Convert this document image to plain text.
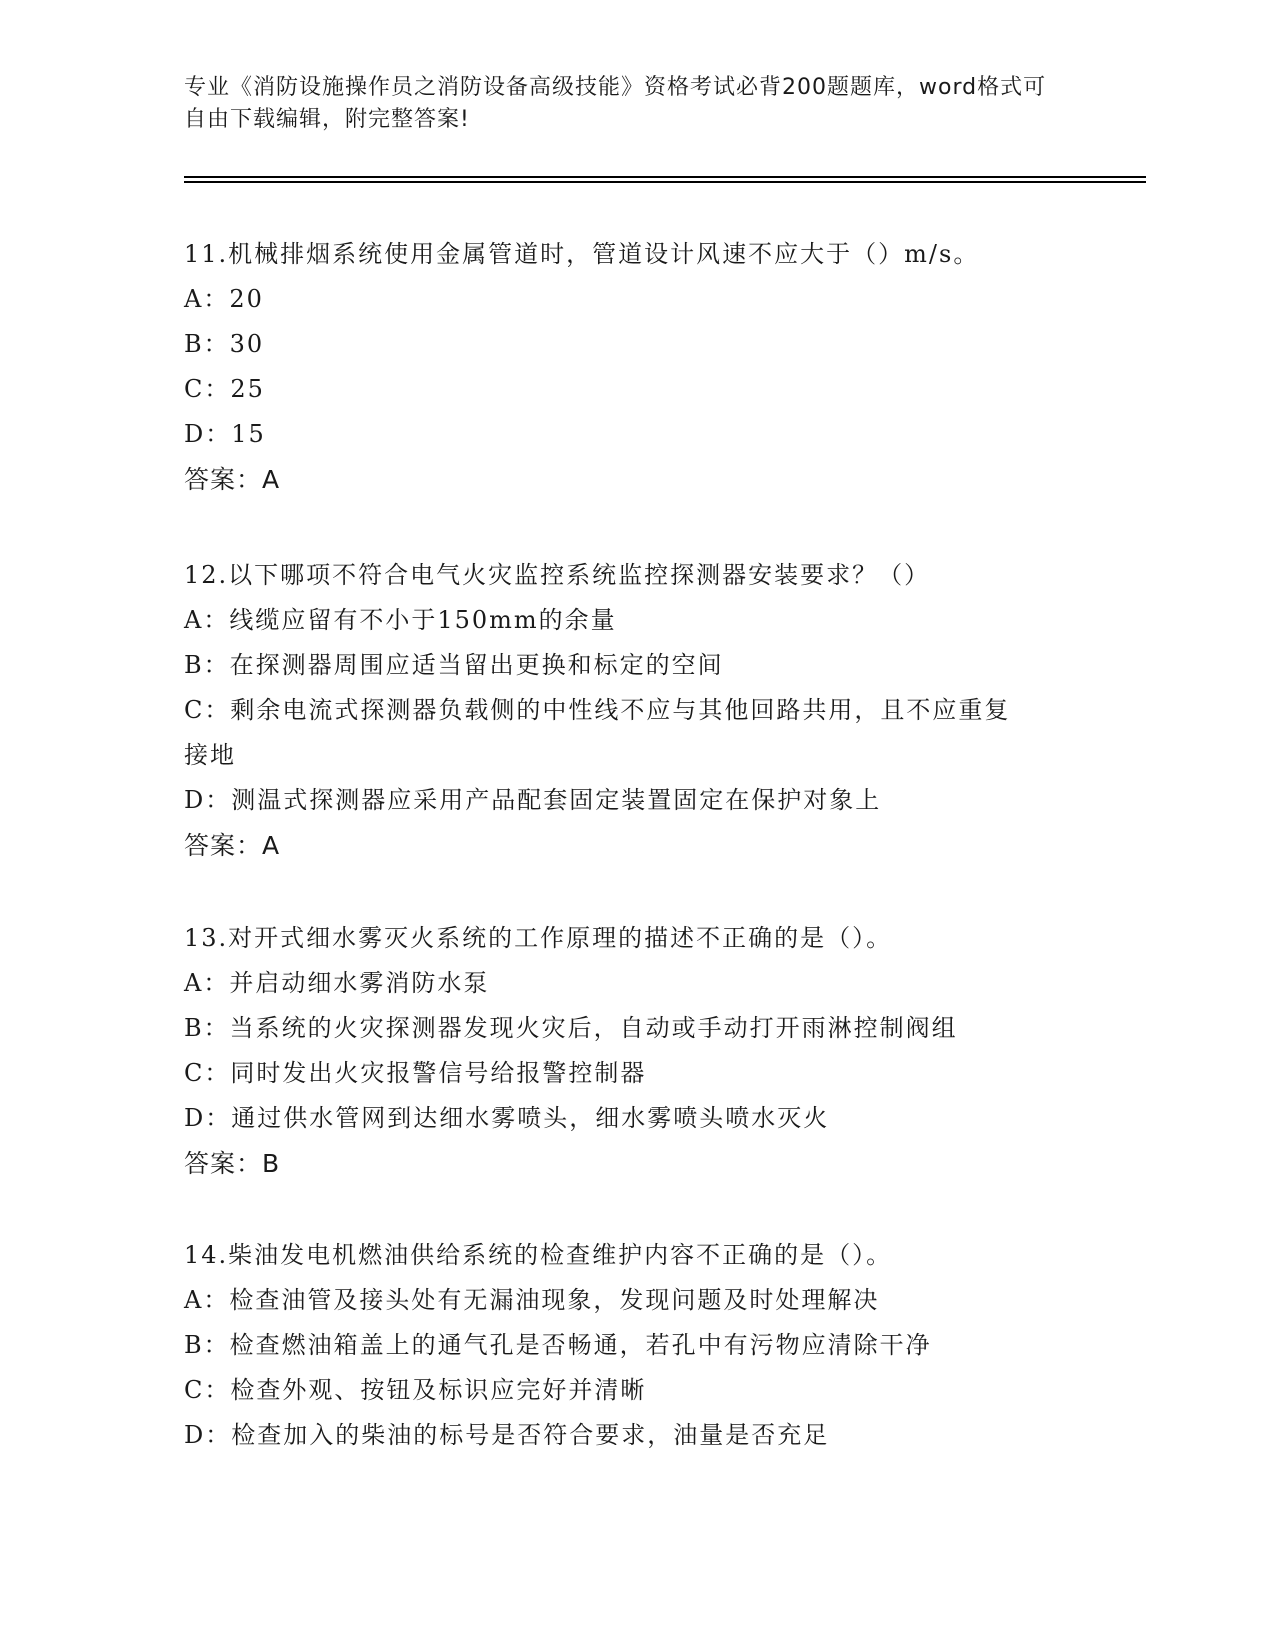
专业《消防设施操作员之消防设备高级技能》资格考试必背200题题库，word格式可自由下载编辑，附完整答案!
11.机械排烟系统使用金属管道时，管道设计风速不应大于（）m/s。
A：20
B：30
C：25
D：15
答案：A
12.以下哪项不符合电气火灾监控系统监控探测器安装要求？（）
A：线缆应留有不小于150mm的余量
B：在探测器周围应适当留出更换和标定的空间
C：剩余电流式探测器负载侧的中性线不应与其他回路共用，且不应重复接地
D：测温式探测器应采用产品配套固定装置固定在保护对象上
答案：A
13.对开式细水雾灭火系统的工作原理的描述不正确的是（）。
A：并启动细水雾消防水泵
B：当系统的火灾探测器发现火灾后，自动或手动打开雨淋控制阀组
C：同时发出火灾报警信号给报警控制器
D：通过供水管网到达细水雾喷头，细水雾喷头喷水灭火
答案：B
14.柴油发电机燃油供给系统的检查维护内容不正确的是（）。
A：检查油管及接头处有无漏油现象，发现问题及时处理解决
B：检查燃油箱盖上的通气孔是否畅通，若孔中有污物应清除干净
C：检查外观、按钮及标识应完好并清晰
D：检查加入的柴油的标号是否符合要求，油量是否充足
